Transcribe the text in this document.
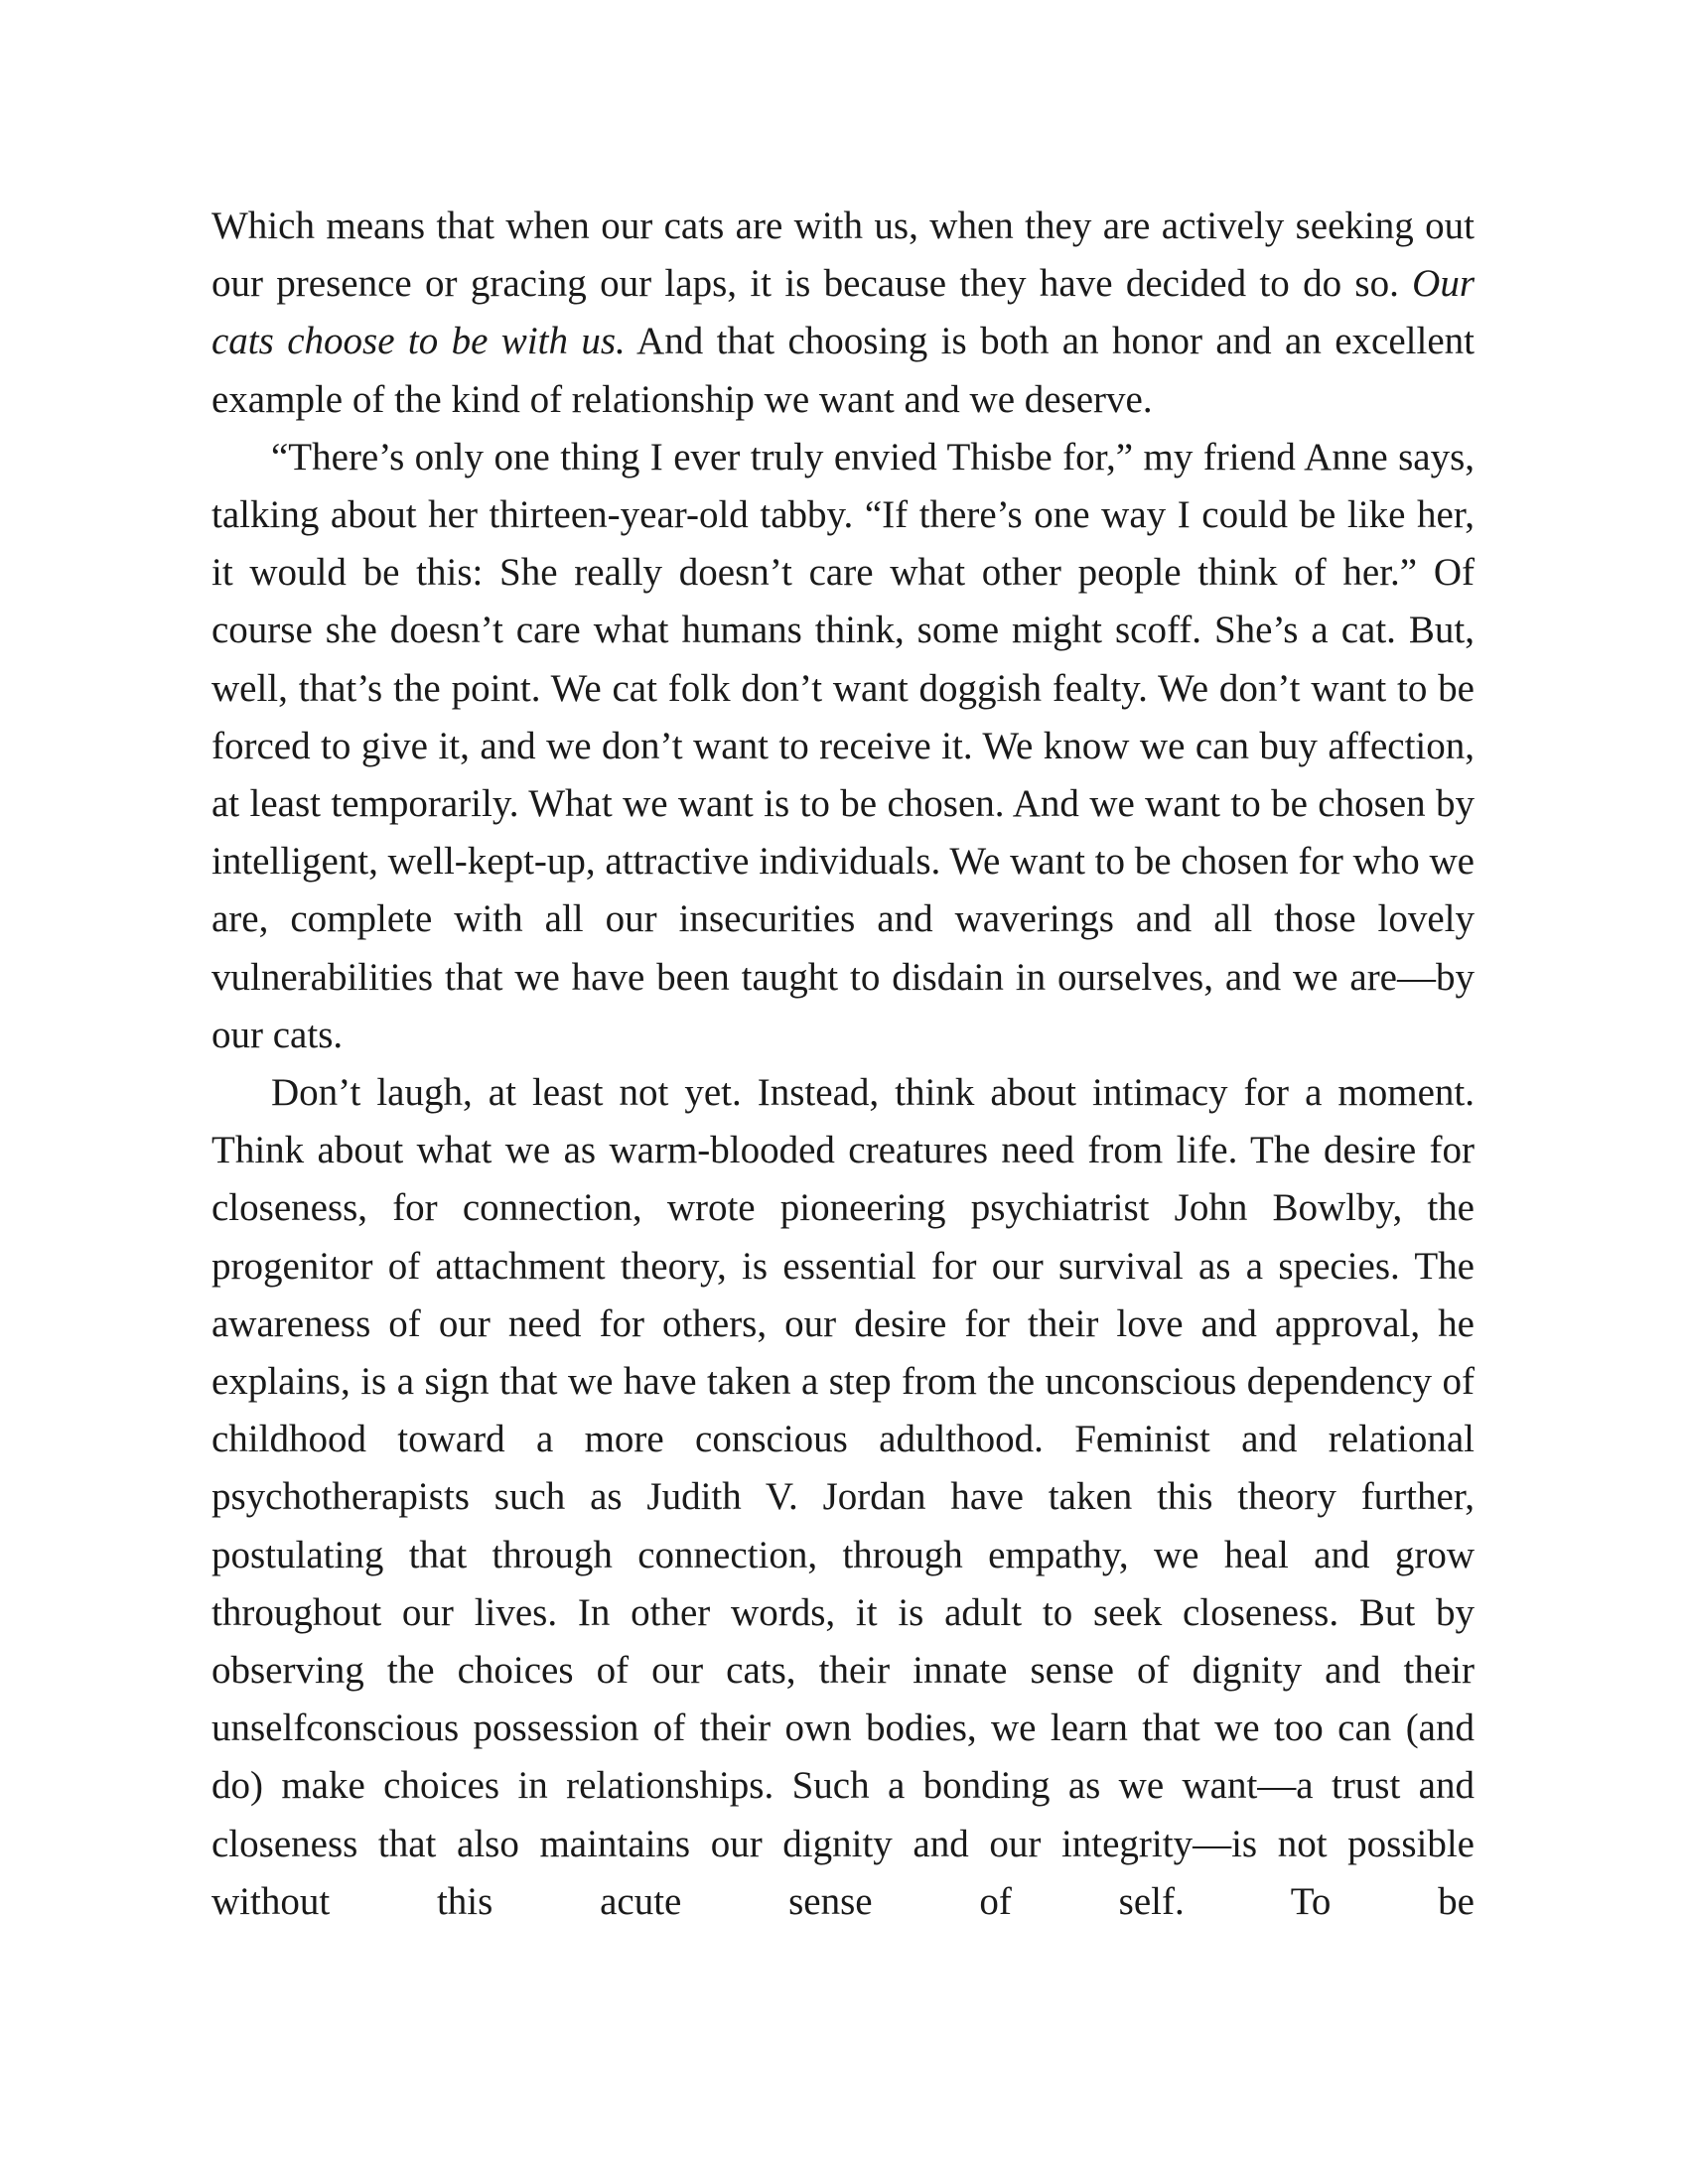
Which means that when our cats are with us, when they are actively seeking out our presence or gracing our laps, it is because they have decided to do so. Our cats choose to be with us. And that choosing is both an honor and an excellent example of the kind of relationship we want and we deserve.

“There’s only one thing I ever truly envied Thisbe for,” my friend Anne says, talking about her thirteen-year-old tabby. “If there’s one way I could be like her, it would be this: She really doesn’t care what other people think of her.” Of course she doesn’t care what humans think, some might scoff. She’s a cat. But, well, that’s the point. We cat folk don’t want doggish fealty. We don’t want to be forced to give it, and we don’t want to receive it. We know we can buy affection, at least temporarily. What we want is to be chosen. And we want to be chosen by intelligent, well-kept-up, attractive individuals. We want to be chosen for who we are, complete with all our insecurities and waverings and all those lovely vulnerabilities that we have been taught to disdain in ourselves, and we are—by our cats.

Don’t laugh, at least not yet. Instead, think about intimacy for a moment. Think about what we as warm-blooded creatures need from life. The desire for closeness, for connection, wrote pioneering psychiatrist John Bowlby, the progenitor of attachment theory, is essential for our survival as a species. The awareness of our need for others, our desire for their love and approval, he explains, is a sign that we have taken a step from the unconscious dependency of childhood toward a more conscious adulthood. Feminist and relational psychotherapists such as Judith V. Jordan have taken this theory further, postulating that through connection, through empathy, we heal and grow throughout our lives. In other words, it is adult to seek closeness. But by observing the choices of our cats, their innate sense of dignity and their unselfconscious possession of their own bodies, we learn that we too can (and do) make choices in relationships. Such a bonding as we want—a trust and closeness that also maintains our dignity and our integrity—is not possible without this acute sense of self. To be
